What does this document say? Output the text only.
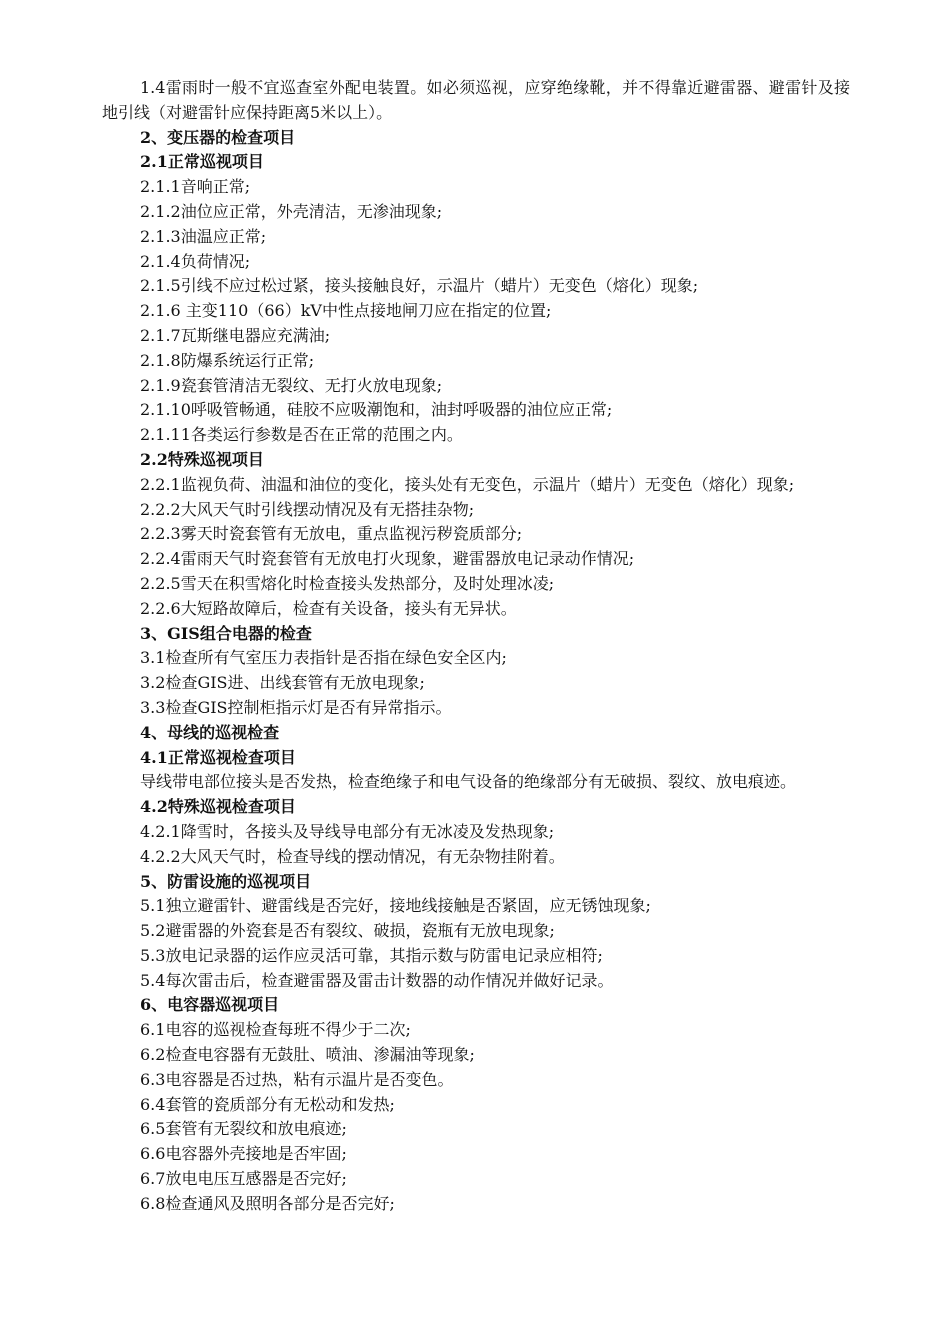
1.4雷雨时一般不宜巡查室外配电装置。如必须巡视，应穿绝缘靴，并不得靠近避雷器、避雷针及接地引线（对避雷针应保持距离5米以上）。

2、变压器的检查项目

2.1正常巡视项目

2.1.1音响正常;

2.1.2油位应正常，外壳清洁，无渗油现象;

2.1.3油温应正常;

2.1.4负荷情况;

2.1.5引线不应过松过紧，接头接触良好，示温片（蜡片）无变色（熔化）现象;

2.1.6 主变110（66）kV中性点接地闸刀应在指定的位置;

2.1.7瓦斯继电器应充满油;

2.1.8防爆系统运行正常;

2.1.9瓷套管清洁无裂纹、无打火放电现象;

2.1.10呼吸管畅通，硅胶不应吸潮饱和，油封呼吸器的油位应正常;

2.1.11各类运行参数是否在正常的范围之内。

2.2特殊巡视项目

2.2.1监视负荷、油温和油位的变化，接头处有无变色，示温片（蜡片）无变色（熔化）现象;

2.2.2大风天气时引线摆动情况及有无搭挂杂物;

2.2.3雾天时瓷套管有无放电，重点监视污秽瓷质部分;

2.2.4雷雨天气时瓷套管有无放电打火现象，避雷器放电记录动作情况;

2.2.5雪天在积雪熔化时检查接头发热部分，及时处理冰凌;

2.2.6大短路故障后，检查有关设备，接头有无异状。

3、GIS组合电器的检查

3.1检查所有气室压力表指针是否指在绿色安全区内;

3.2检查GIS进、出线套管有无放电现象;

3.3检查GIS控制柜指示灯是否有异常指示。

4、母线的巡视检查

4.1正常巡视检查项目

导线带电部位接头是否发热，检查绝缘子和电气设备的绝缘部分有无破损、裂纹、放电痕迹。

4.2特殊巡视检查项目

4.2.1降雪时，各接头及导线导电部分有无冰凌及发热现象;

4.2.2大风天气时，检查导线的摆动情况，有无杂物挂附着。

5、防雷设施的巡视项目

5.1独立避雷针、避雷线是否完好，接地线接触是否紧固，应无锈蚀现象;

5.2避雷器的外瓷套是否有裂纹、破损，瓷瓶有无放电现象;

5.3放电记录器的运作应灵活可靠，其指示数与防雷电记录应相符;

5.4每次雷击后，检查避雷器及雷击计数器的动作情况并做好记录。

6、电容器巡视项目

6.1电容的巡视检查每班不得少于二次;

6.2检查电容器有无鼓肚、喷油、渗漏油等现象;

6.3电容器是否过热，粘有示温片是否变色。

6.4套管的瓷质部分有无松动和发热;

6.5套管有无裂纹和放电痕迹;

6.6电容器外壳接地是否牢固;

6.7放电电压互感器是否完好;

6.8检查通风及照明各部分是否完好;
